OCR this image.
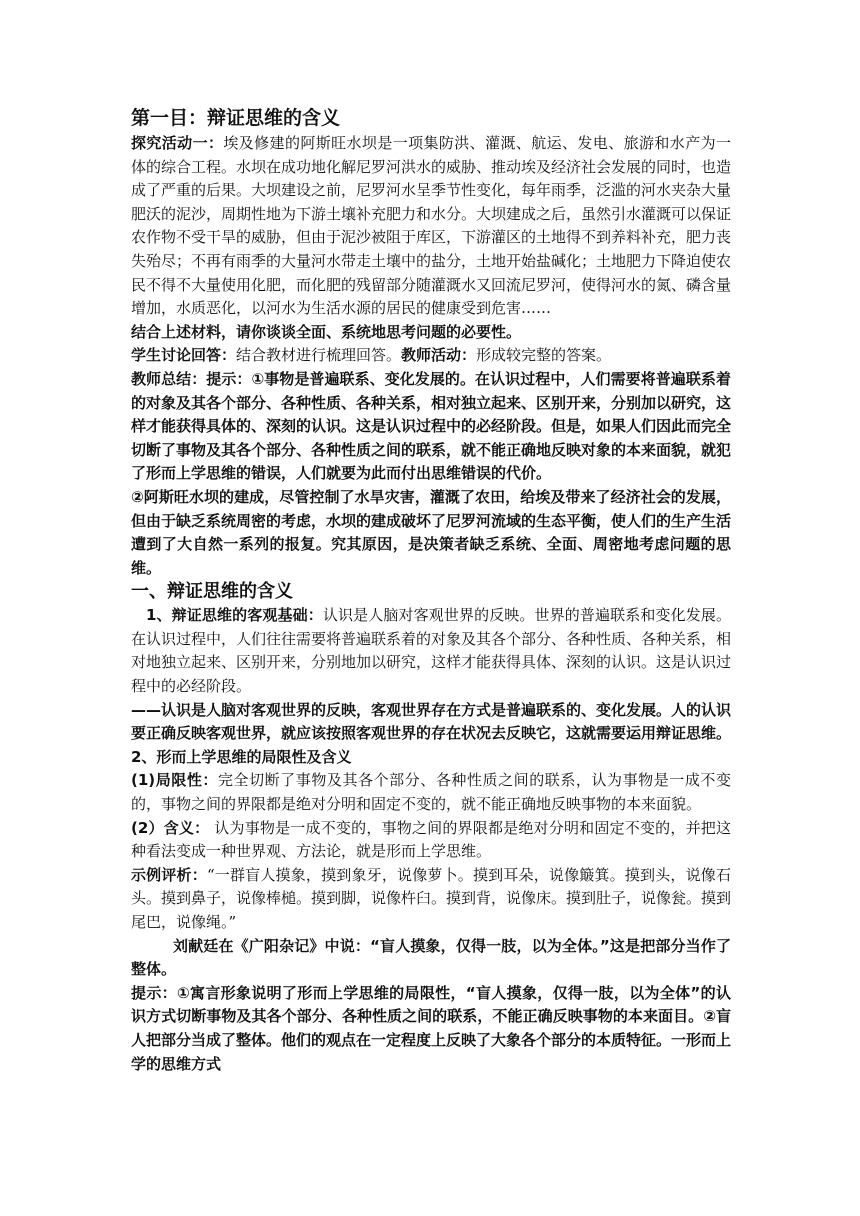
第一目：辩证思维的含义

探究活动一：埃及修建的阿斯旺水坝是一项集防洪、灌溉、航运、发电、旅游和水产为一体的综合工程。水坝在成功地化解尼罗河洪水的威胁、推动埃及经济社会发展的同时，也造成了严重的后果。大坝建设之前，尼罗河水呈季节性变化，每年雨季，泛滥的河水夹杂大量肥沃的泥沙，周期性地为下游土壤补充肥力和水分。大坝建成之后，虽然引水灌溉可以保证农作物不受干旱的威胁，但由于泥沙被阻于库区，下游灌区的土地得不到养料补充，肥力丧失殆尽；不再有雨季的大量河水带走土壤中的盐分，土地开始盐碱化；土地肥力下降迫使农民不得不大量使用化肥，而化肥的残留部分随灌溉水又回流尼罗河，使得河水的氮、磷含量增加，水质恶化，以河水为生活水源的居民的健康受到危害……

结合上述材料，请你谈谈全面、系统地思考问题的必要性。

学生讨论回答：结合教材进行梳理回答。教师活动：形成较完整的答案。

教师总结：提示：①事物是普遍联系、变化发展的。在认识过程中，人们需要将普遍联系着的对象及其各个部分、各种性质、各种关系，相对独立起来、区别开来，分别加以研究，这样才能获得具体的、深刻的认识。这是认识过程中的必经阶段。但是，如果人们因此而完全切断了事物及其各个部分、各种性质之间的联系，就不能正确地反映对象的本来面貌，就犯了形而上学思维的错误，人们就要为此而付出思维错误的代价。

②阿斯旺水坝的建成，尽管控制了水旱灾害，灌溉了农田，给埃及带来了经济社会的发展，但由于缺乏系统周密的考虑，水坝的建成破坏了尼罗河流域的生态平衡，使人们的生产生活遭到了大自然一系列的报复。究其原因，是决策者缺乏系统、全面、周密地考虑问题的思维。

一、辩证思维的含义

1、辩证思维的客观基础：认识是人脑对客观世界的反映。世界的普遍联系和变化发展。在认识过程中，人们往往需要将普遍联系着的对象及其各个部分、各种性质、各种关系，相对地独立起来、区别开来，分别地加以研究，这样才能获得具体、深刻的认识。这是认识过程中的必经阶段。

——认识是人脑对客观世界的反映，客观世界存在方式是普遍联系的、变化发展。人的认识要正确反映客观世界，就应该按照客观世界的存在状况去反映它，这就需要运用辩证思维。

2、形而上学思维的局限性及含义

(1)局限性：完全切断了事物及其各个部分、各种性质之间的联系，认为事物是一成不变的，事物之间的界限都是绝对分明和固定不变的，就不能正确地反映事物的本来面貌。

(2）含义： 认为事物是一成不变的，事物之间的界限都是绝对分明和固定不变的，并把这种看法变成一种世界观、方法论，就是形而上学思维。

示例评析：“一群盲人摸象，摸到象牙，说像萝卜。摸到耳朵，说像簸箕。摸到头，说像石头。摸到鼻子，说像棒槌。摸到脚，说像杵臼。摸到背，说像床。摸到肚子，说像瓮。摸到尾巴，说像绳。”

刘献廷在《广阳杂记》中说：“盲人摸象，仅得一肢，以为全体。”这是把部分当作了整体。

提示：①寓言形象说明了形而上学思维的局限性，“盲人摸象，仅得一肢，以为全体”的认识方式切断事物及其各个部分、各种性质之间的联系，不能正确反映事物的本来面目。②盲人把部分当成了整体。他们的观点在一定程度上反映了大象各个部分的本质特征。一形而上学的思维方式
